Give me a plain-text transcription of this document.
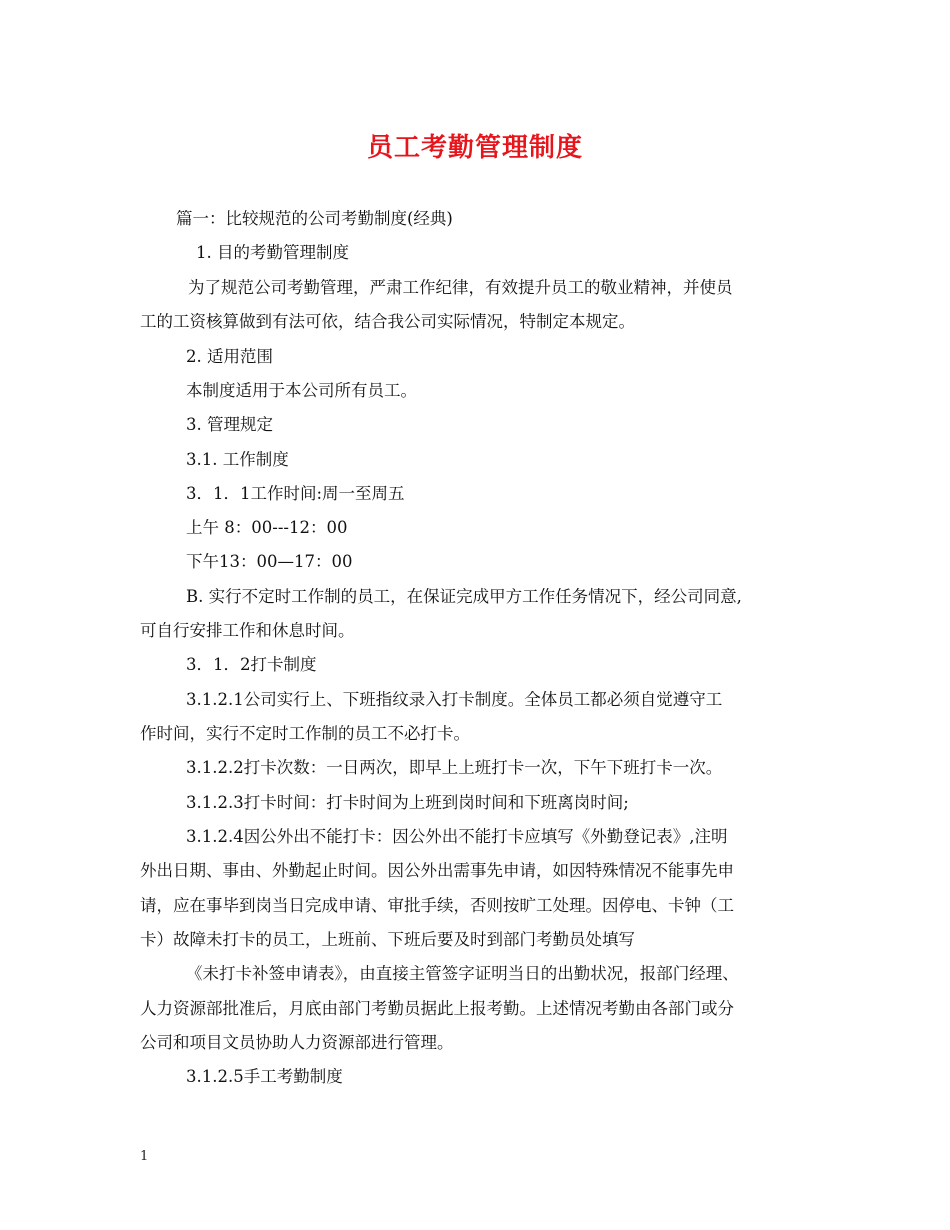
员工考勤管理制度
篇一：比较规范的公司考勤制度(经典)
1. 目的考勤管理制度
为了规范公司考勤管理，严肃工作纪律，有效提升员工的敬业精神，并使员
工的工资核算做到有法可依，结合我公司实际情况，特制定本规定。
2. 适用范围
本制度适用于本公司所有员工。
3. 管理规定
3.1. 工作制度
3．1．1工作时间:周一至周五
上午 8：00---12：00
下午13：00—17：00
B. 实行不定时工作制的员工，在保证完成甲方工作任务情况下，经公司同意,
可自行安排工作和休息时间。
3．1．2打卡制度
3.1.2.1公司实行上、下班指纹录入打卡制度。全体员工都必须自觉遵守工
作时间，实行不定时工作制的员工不必打卡。
3.1.2.2打卡次数：一日两次，即早上上班打卡一次，下午下班打卡一次。
3.1.2.3打卡时间：打卡时间为上班到岗时间和下班离岗时间;
3.1.2.4因公外出不能打卡：因公外出不能打卡应填写《外勤登记表》,注明
外出日期、事由、外勤起止时间。因公外出需事先申请，如因特殊情况不能事先申
请，应在事毕到岗当日完成申请、审批手续，否则按旷工处理。因停电、卡钟（工
卡）故障未打卡的员工，上班前、下班后要及时到部门考勤员处填写
《未打卡补签申请表》，由直接主管签字证明当日的出勤状况，报部门经理、
人力资源部批准后，月底由部门考勤员据此上报考勤。上述情况考勤由各部门或分
公司和项目文员协助人力资源部进行管理。
3.1.2.5手工考勤制度
1
